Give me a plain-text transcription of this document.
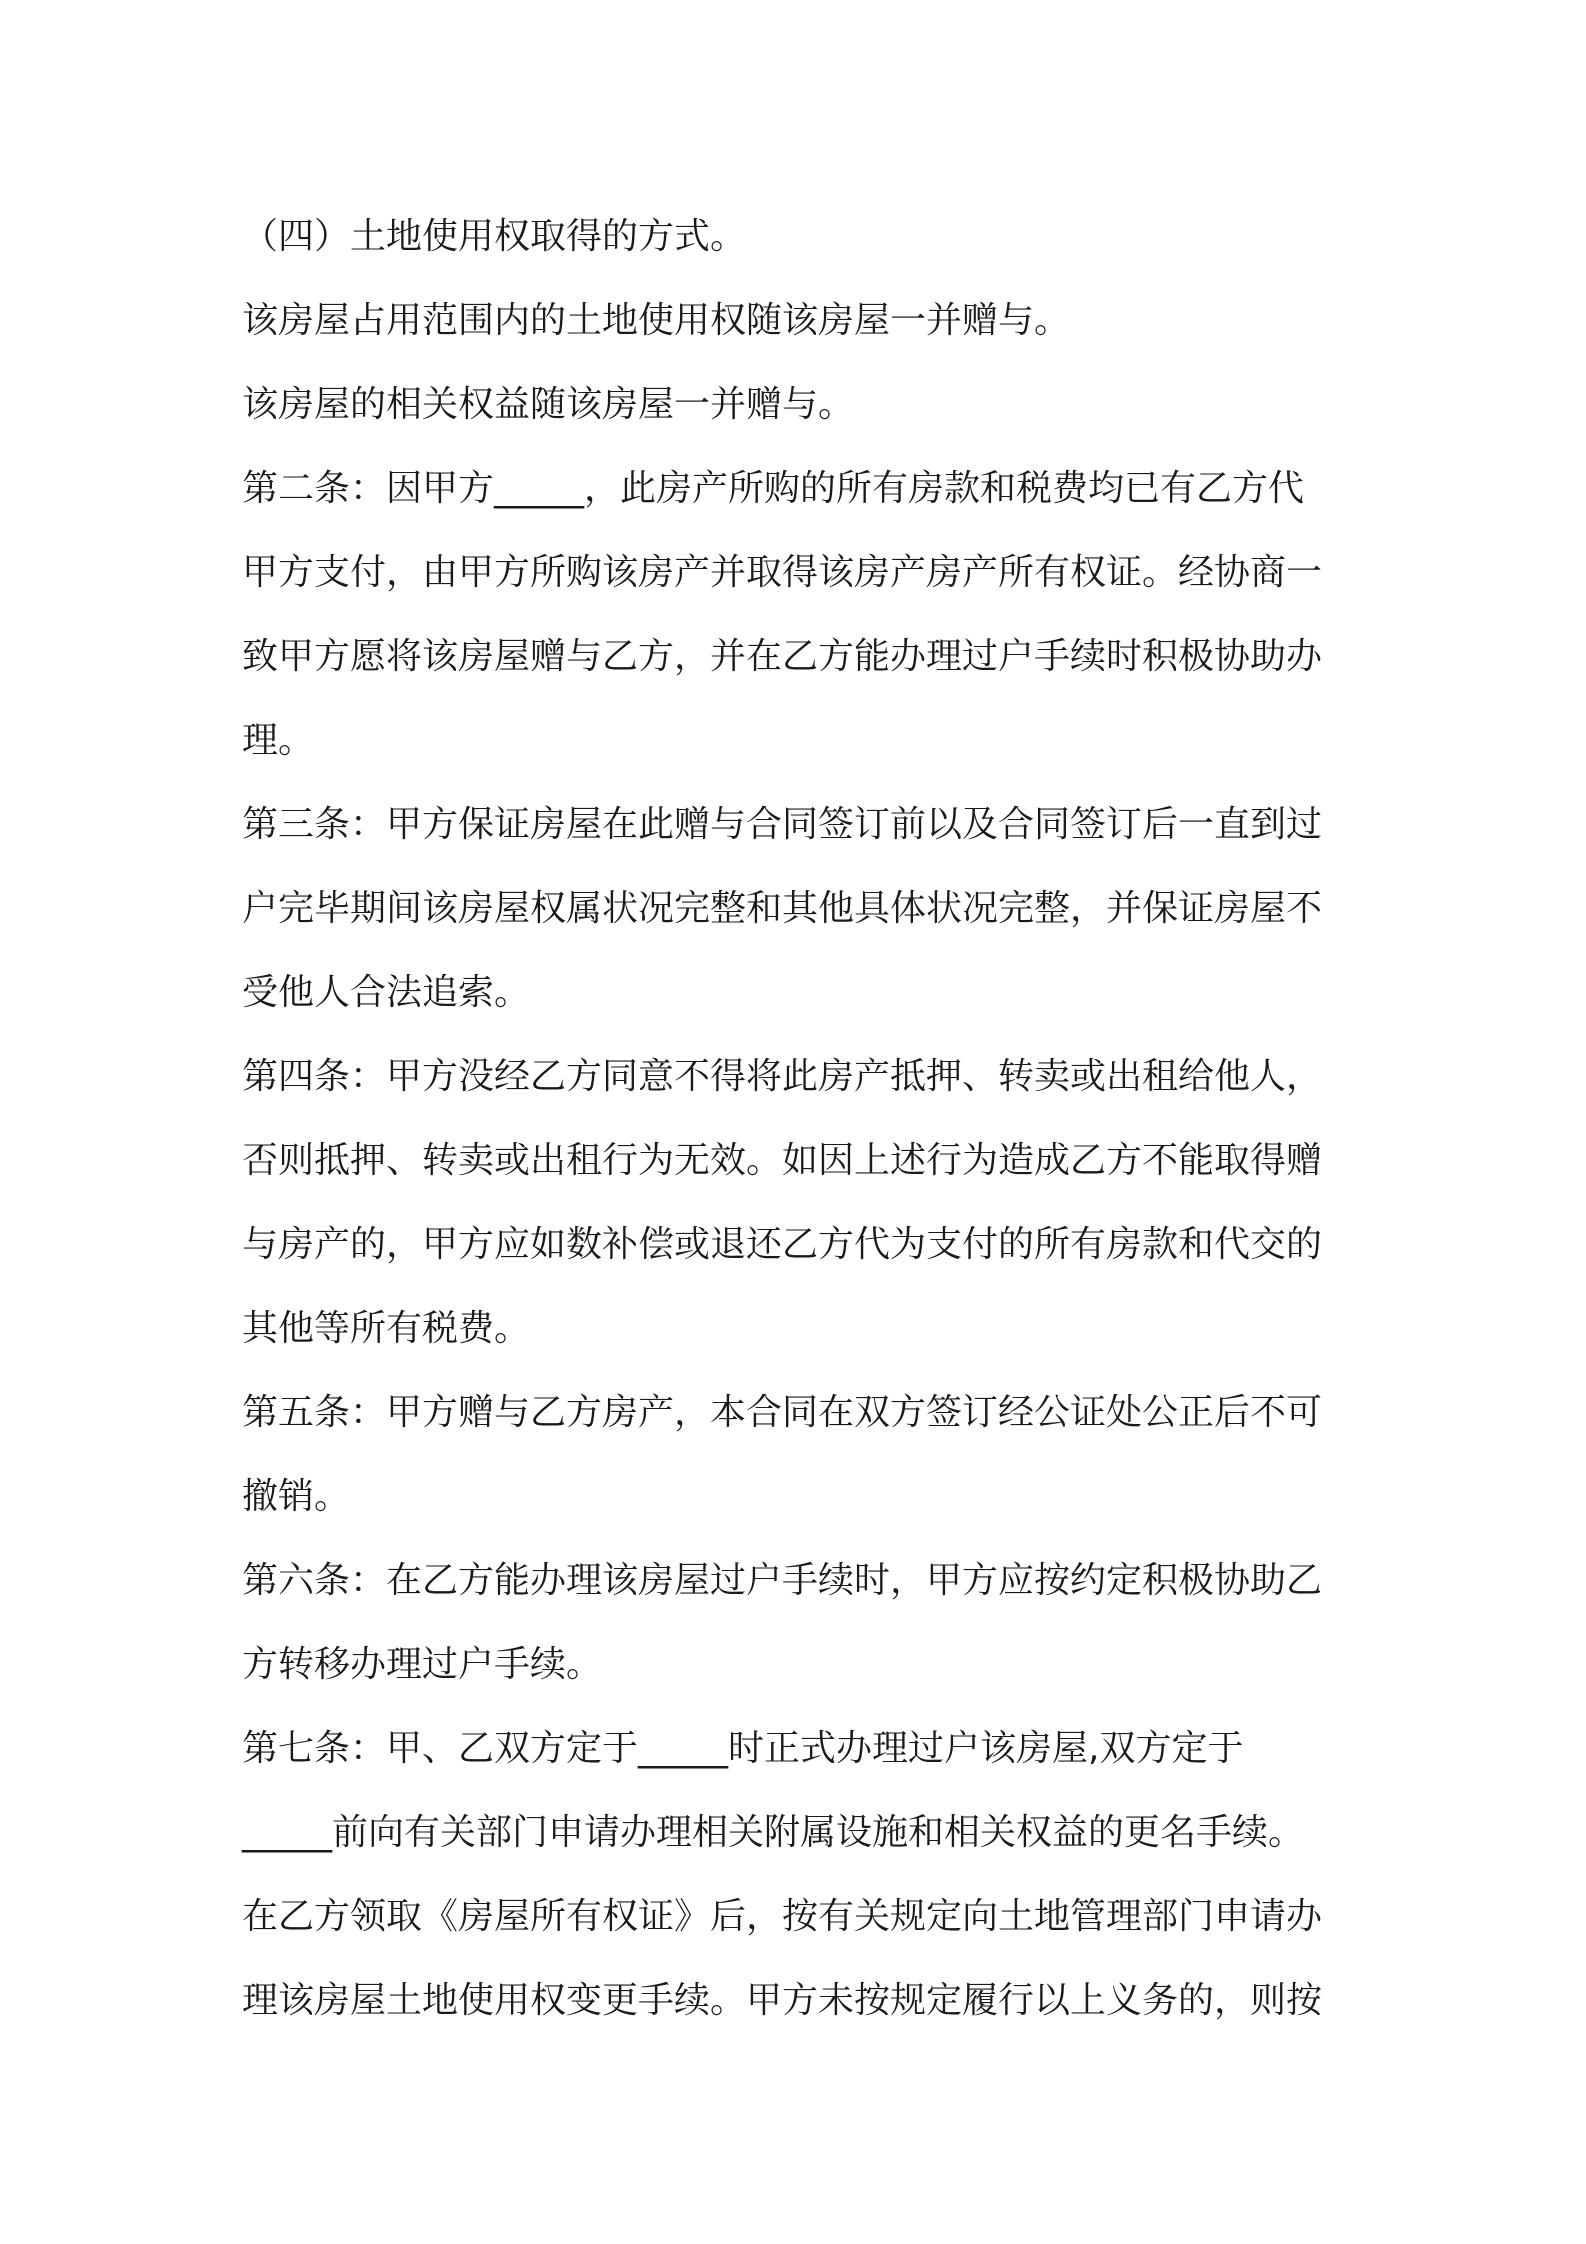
（四）土地使用权取得的方式。
该房屋占用范围内的土地使用权随该房屋一并赠与。
该房屋的相关权益随该房屋一并赠与。
第二条：因甲方_____，此房产所购的所有房款和税费均已有乙方代
甲方支付，由甲方所购该房产并取得该房产房产所有权证。经协商一
致甲方愿将该房屋赠与乙方，并在乙方能办理过户手续时积极协助办
理。
第三条：甲方保证房屋在此赠与合同签订前以及合同签订后一直到过
户完毕期间该房屋权属状况完整和其他具体状况完整，并保证房屋不
受他人合法追索。
第四条：甲方没经乙方同意不得将此房产抵押、转卖或出租给他人，
否则抵押、转卖或出租行为无效。如因上述行为造成乙方不能取得赠
与房产的，甲方应如数补偿或退还乙方代为支付的所有房款和代交的
其他等所有税费。
第五条：甲方赠与乙方房产，本合同在双方签订经公证处公正后不可
撤销。
第六条：在乙方能办理该房屋过户手续时，甲方应按约定积极协助乙
方转移办理过户手续。
第七条：甲、乙双方定于_____时正式办理过户该房屋,双方定于
_____前向有关部门申请办理相关附属设施和相关权益的更名手续。
在乙方领取《房屋所有权证》后，按有关规定向土地管理部门申请办
理该房屋土地使用权变更手续。甲方未按规定履行以上义务的，则按
